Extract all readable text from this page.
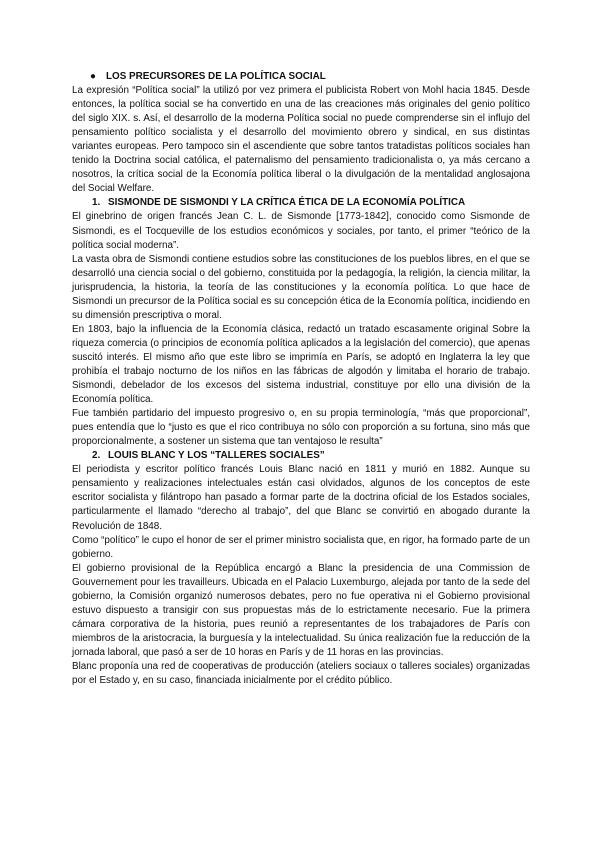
●	LOS PRECURSORES DE LA POLÍTICA SOCIAL

La expresión “Política social” la utilizó por vez primera el publicista Robert von Mohl hacia 1845. Desde entonces, la política social se ha convertido en una de las creaciones más originales del genio político del siglo XIX. s. Así, el desarrollo de la moderna Política social no puede comprenderse sin el influjo del pensamiento político socialista y el desarrollo del movimiento obrero y sindical, en sus distintas variantes europeas. Pero tampoco sin el ascendiente que sobre tantos tratadistas políticos sociales han tenido la Doctrina social católica, el paternalismo del pensamiento tradicionalista o, ya más cercano a nosotros, la crítica social de la Economía política liberal o la divulgación de la mentalidad anglosajona del Social Welfare.

1. SISMONDE DE SISMONDI Y LA CRÍTICA ÉTICA DE LA ECONOMÍA POLÍTICA

El ginebrino de origen francés Jean C. L. de Sismonde [1773-1842], conocido como Sismonde de Sismondi, es el Tocqueville de los estudios económicos y sociales, por tanto, el primer “teórico de la política social moderna”.

La vasta obra de Sismondi contiene estudios sobre las constituciones de los pueblos libres, en el que se desarrolló una ciencia social o del gobierno, constituida por la pedagogía, la religión, la ciencia militar, la jurisprudencia, la historia, la teoría de las constituciones y la economía política. Lo que hace de Sismondi un precursor de la Política social es su concepción ética de la Economía política, incidiendo en su dimensión prescriptiva o moral.

En 1803, bajo la influencia de la Economía clásica, redactó un tratado escasamente original Sobre la riqueza comercia (o principios de economía política aplicados a la legislación del comercio), que apenas suscitó interés. El mismo año que este libro se imprimía en París, se adoptó en Inglaterra la ley que prohibía el trabajo nocturno de los niños en las fábricas de algodón y limitaba el horario de trabajo. Sismondi, debelador de los excesos del sistema industrial, constituye por ello una división de la Economía política.

Fue también partidario del impuesto progresivo o, en su propia terminología, “más que proporcional”, pues entendía que lo “justo es que el rico contribuya no sólo con proporción a su fortuna, sino más que proporcionalmente, a sostener un sistema que tan ventajoso le resulta”

2. LOUIS BLANC Y LOS “TALLERES SOCIALES”

El periodista y escritor político francés Louis Blanc nació en 1811 y murió en 1882. Aunque su pensamiento y realizaciones intelectuales están casi olvidados, algunos de los conceptos de este escritor socialista y filántropo han pasado a formar parte de la doctrina oficial de los Estados sociales, particularmente el llamado “derecho al trabajo”, del que Blanc se convirtió en abogado durante la Revolución de 1848.

Como “político” le cupo el honor de ser el primer ministro socialista que, en rigor, ha formado parte de un gobierno.

El gobierno provisional de la República encargó a Blanc la presidencia de una Commission de Gouvernement pour les travailleurs. Ubicada en el Palacio Luxemburgo, alejada por tanto de la sede del gobierno, la Comisión organizó numerosos debates, pero no fue operativa ni el Gobierno provisional estuvo dispuesto a transigir con sus propuestas más de lo estrictamente necesario. Fue la primera cámara corporativa de la historia, pues reunió a representantes de los trabajadores de París con miembros de la aristocracia, la burguesía y la intelectualidad. Su única realización fue la reducción de la jornada laboral, que pasó a ser de 10 horas en París y de 11 horas en las provincias.

Blanc proponía una red de cooperativas de producción (ateliers sociaux o talleres sociales) organizadas por el Estado y, en su caso, financiada inicialmente por el crédito público.
